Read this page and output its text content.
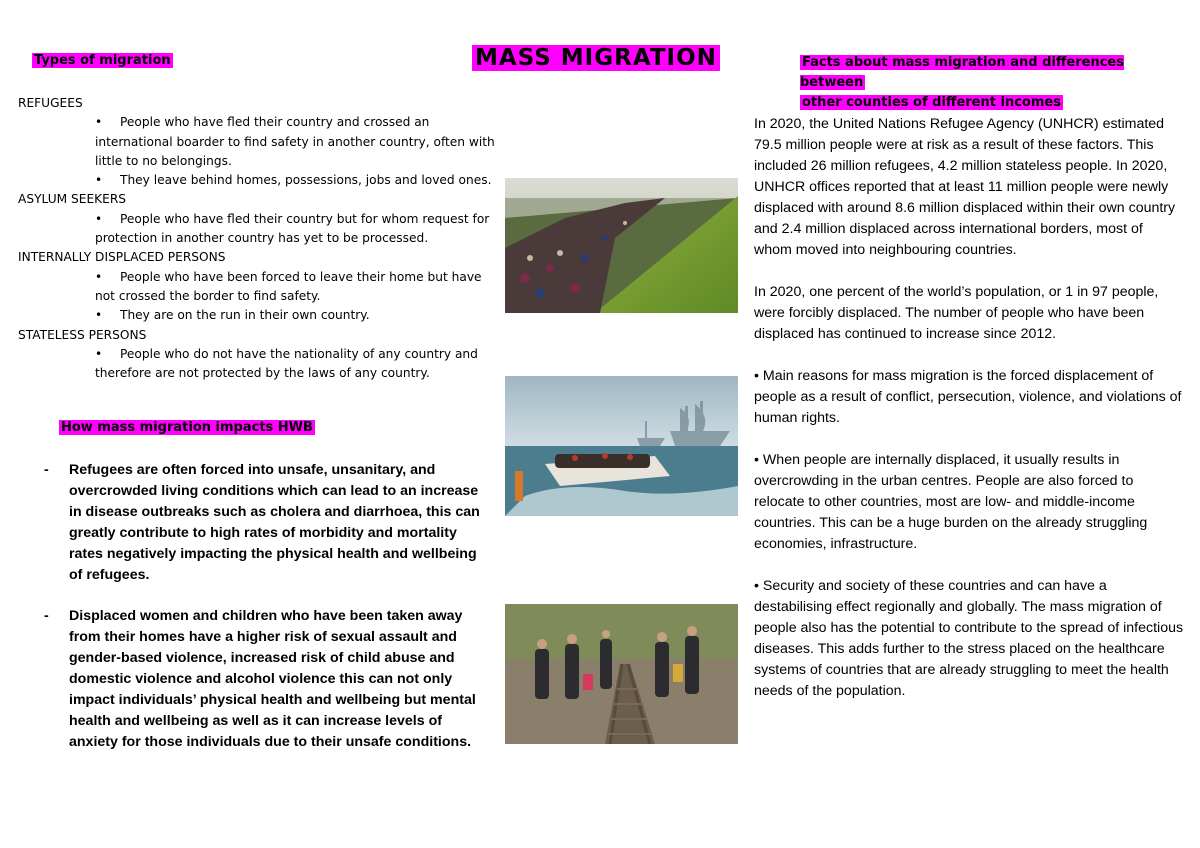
MASS MIGRATION
Types of migration
REFUGEES
•	People who have fled their country and crossed an international boarder to find safety in another country, often with little to no belongings.
•	They leave behind homes, possessions, jobs and loved ones.
ASYLUM SEEKERS
•	People who have fled their country but for whom request for protection in another country has yet to be processed.
INTERNALLY DISPLACED PERSONS
•	People who have been forced to leave their home but have not crossed the border to find safety.
•	They are on the run in their own country.
STATELESS PERSONS
•	People who do not have the nationality of any country and therefore are not protected by the laws of any country.
How mass migration impacts HWB
- Refugees are often forced into unsafe, unsanitary, and overcrowded living conditions which can lead to an increase in disease outbreaks such as cholera and diarrhoea, this can greatly contribute to high rates of morbidity and mortality rates negatively impacting the physical health and wellbeing of refugees.
- Displaced women and children who have been taken away from their homes have a higher risk of sexual assault and gender-based violence, increased risk of child abuse and domestic violence and alcohol violence this can not only impact individuals’ physical health and wellbeing but mental health and wellbeing as well as it can increase levels of anxiety for those individuals due to their unsafe conditions.
Facts about mass migration and differences between
other counties of different incomes

In 2020, the United Nations Refugee Agency (UNHCR) estimated 79.5 million people were at risk as a result of these factors. This included 26 million refugees, 4.2 million stateless people. In 2020, UNHCR offices reported that at least 11 million people were newly displaced with around 8.6 million displaced within their own country and 2.4 million displaced across international borders, most of whom moved into neighbouring countries.

In 2020, one percent of the world’s population, or 1 in 97 people, were forcibly displaced. The number of people who have been displaced has continued to increase since 2012.

• Main reasons for mass migration is the forced displacement of people as a result of conflict, persecution, violence, and violations of human rights.

• When people are internally displaced, it usually results in overcrowding in the urban centres. People are also forced to relocate to other countries, most are low- and middle-income countries. This can be a huge burden on the already struggling economies, infrastructure.

• Security and society of these countries and can have a destabilising effect regionally and globally. The mass migration of people also has the potential to contribute to the spread of infectious diseases. This adds further to the stress placed on the healthcare systems of countries that are already struggling to meet the health needs of the population.
